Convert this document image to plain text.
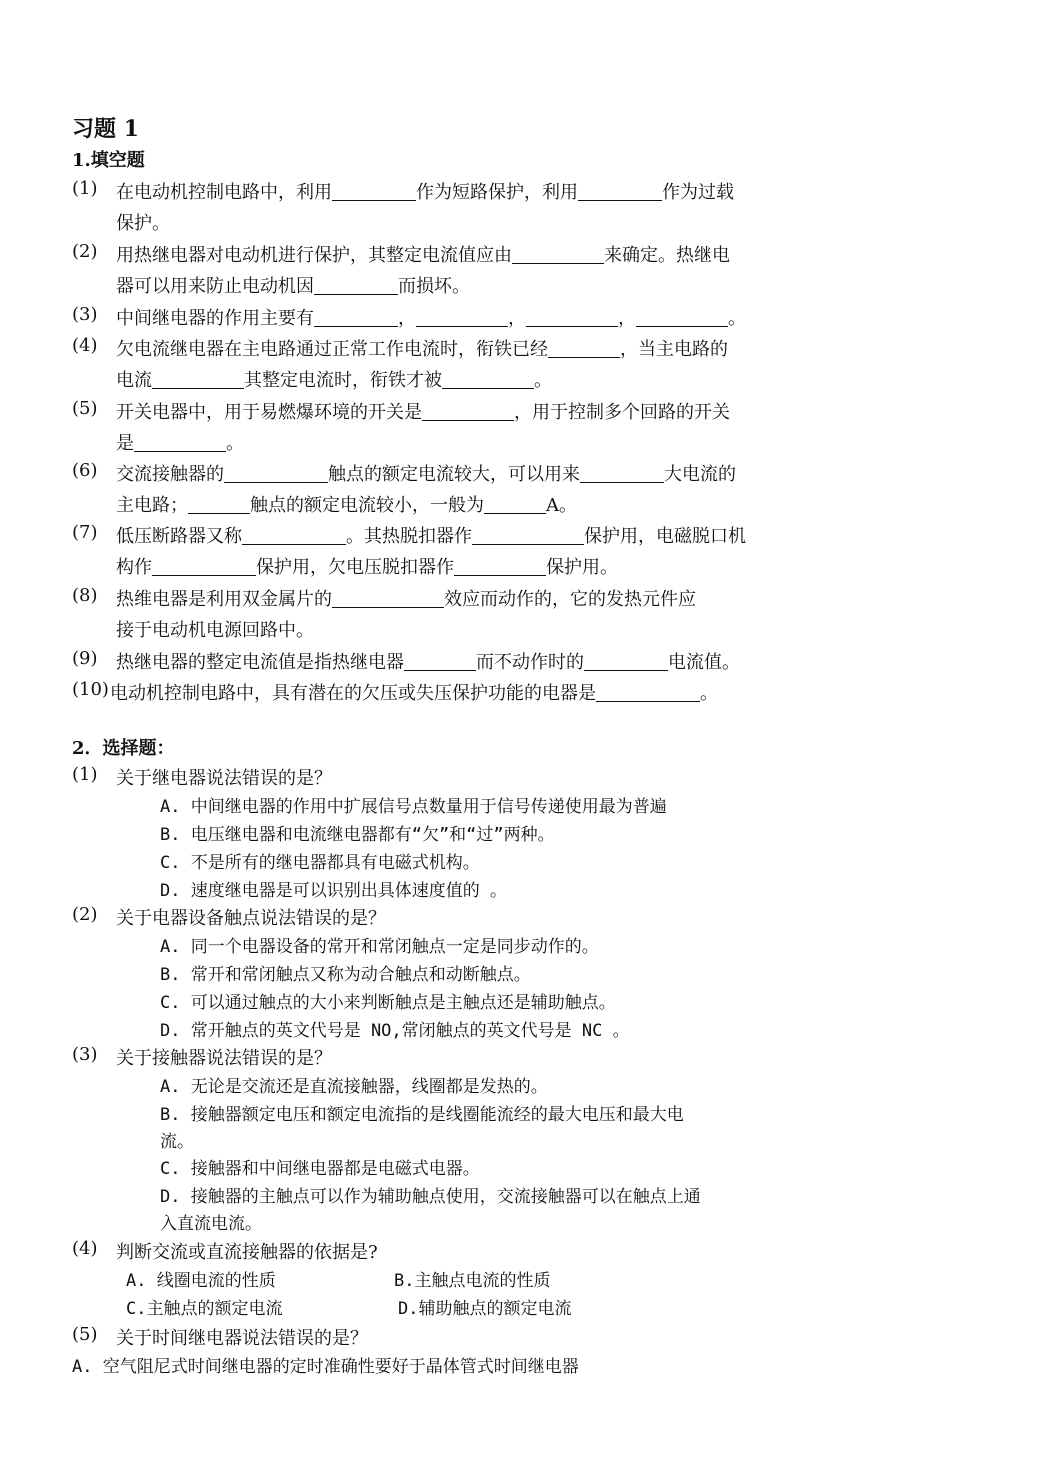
习题 1
1.填空题
(1) 在电动机控制电路中，利用	作为短路保护，利用	作为过载
保护。
(2) 用热继电器对电动机进行保护，其整定电流值应由	来确定。热继电
器可以用来防止电动机因	而损坏。
(3) 中间继电器的作用主要有	，	，	，	。
(4) 欠电流继电器在主电路通过正常工作电流时，衔铁已经	，当主电路的
电流	其整定电流时，衔铁才被	。
(5) 开关电器中，用于易燃爆环境的开关是	，用于控制多个回路的开关
是	。
(6) 交流接触器的	触点的额定电流较大，可以用来	大电流的
主电路；	触点的额定电流较小，一般为	A。
(7) 低压断路器又称	。其热脱扣器作	保护用，电磁脱口机
构作	保护用，欠电压脱扣器作	保护用。
(8) 热维电器是利用双金属片的	效应而动作的，它的发热元件应
接于电动机电源回路中。
(9) 热继电器的整定电流值是指热继电器	而不动作时的	电流值。
(10) 电动机控制电路中，具有潜在的欠压或失压保护功能的电器是	。
2．选择题：
(1) 关于继电器说法错误的是？
A. 中间继电器的作用中扩展信号点数量用于信号传递使用最为普遍
B. 电压继电器和电流继电器都有“欠”和“过”两种。
C. 不是所有的继电器都具有电磁式机构。
D. 速度继电器是可以识别出具体速度值的 。
(2) 关于电器设备触点说法错误的是？
A. 同一个电器设备的常开和常闭触点一定是同步动作的。
B. 常开和常闭触点又称为动合触点和动断触点。
C. 可以通过触点的大小来判断触点是主触点还是辅助触点。
D. 常开触点的英文代号是 NO,常闭触点的英文代号是 NC 。
(3) 关于接触器说法错误的是？
A. 无论是交流还是直流接触器，线圈都是发热的。
B. 接触器额定电压和额定电流指的是线圈能流经的最大电压和最大电
流。
C. 接触器和中间继电器都是电磁式电器。
D. 接触器的主触点可以作为辅助触点使用，交流接触器可以在触点上通
入直流电流。
(4) 判断交流或直流接触器的依据是?
A. 线圈电流的性质	B.主触点电流的性质
C.主触点的额定电流	D.辅助触点的额定电流
(5) 关于时间继电器说法错误的是？
A. 空气阻尼式时间继电器的定时准确性要好于晶体管式时间继电器
